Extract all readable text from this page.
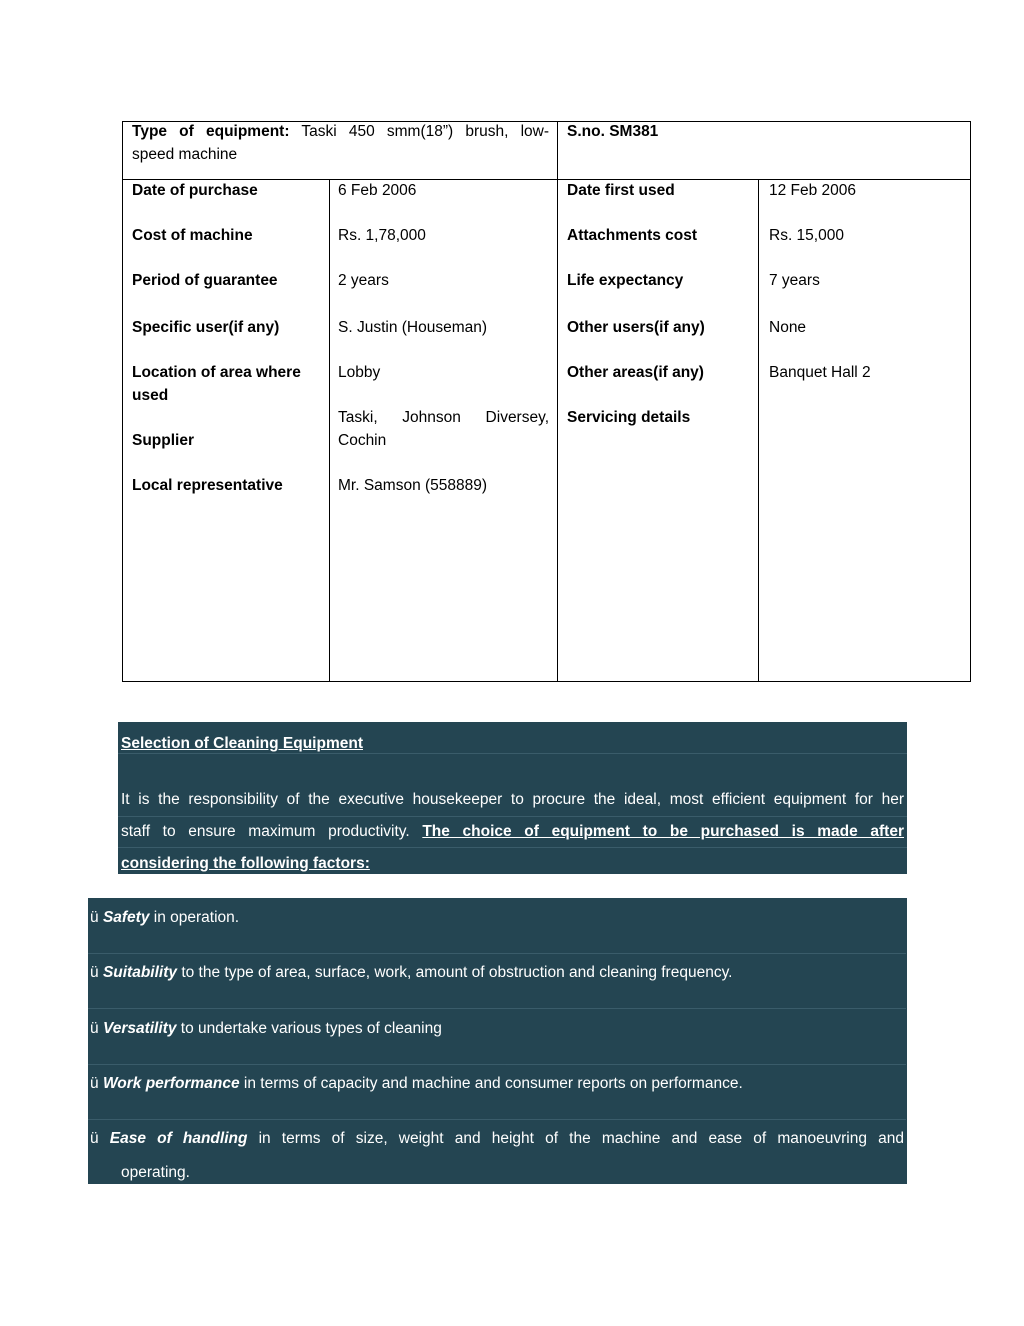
Type of equipment: Taski 450 smm(18”) brush, low-
speed machine
S.no. SM381
Date of purchase
Cost of machine
Period of guarantee
Specific user(if any)
Location of area where
used
Supplier
Local representative
6 Feb 2006
Rs. 1,78,000
2 years
S. Justin (Houseman)
Lobby
Taski, Johnson Diversey,
Cochin
Mr. Samson (558889)
Date first used
Attachments cost
Life expectancy
Other users(if any)
Other areas(if any)
Servicing details
12 Feb 2006
Rs. 15,000
7 years
None
Banquet Hall 2
Selection of Cleaning Equipment
It is the responsibility of the executive housekeeper to procure the ideal, most efficient equipment for her
staff to ensure maximum productivity. The choice of equipment to be purchased is made after
considering the following factors:
ü Safety in operation.
ü Suitability to the type of area, surface, work, amount of obstruction and cleaning frequency.
ü Versatility to undertake various types of cleaning
ü Work performance in terms of capacity and machine and consumer reports on performance.
ü Ease of handling in terms of size, weight and height of the machine and ease of manoeuvring and
operating.
